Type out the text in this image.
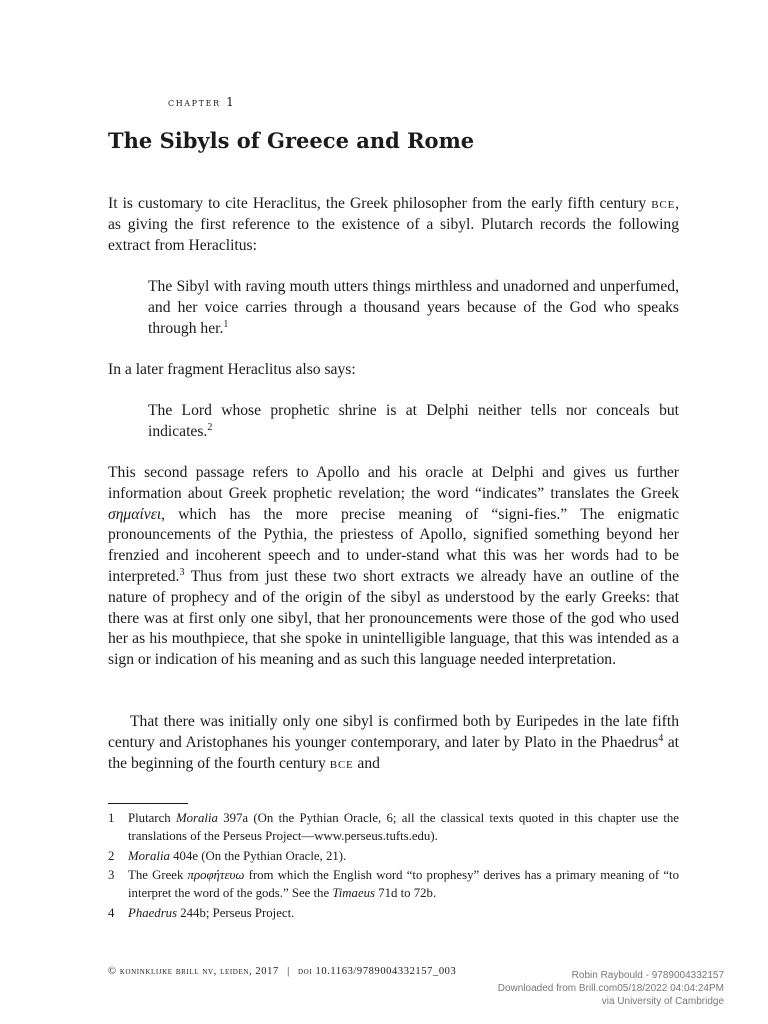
chapter 1
The Sibyls of Greece and Rome

It is customary to cite Heraclitus, the Greek philosopher from the early fifth century bce, as giving the first reference to the existence of a sibyl. Plutarch records the following extract from Heraclitus:

The Sibyl with raving mouth utters things mirthless and unadorned and unperfumed, and her voice carries through a thousand years because of the God who speaks through her.$^1$

In a later fragment Heraclitus also says:

The Lord whose prophetic shrine is at Delphi neither tells nor conceals but indicates.$^2$

This second passage refers to Apollo and his oracle at Delphi and gives us further information about Greek prophetic revelation; the word “indicates” translates the Greek σημαίνει, which has the more precise meaning of “signi-fies.” The enigmatic pronouncements of the Pythia, the priestess of Apollo, signified something beyond her frenzied and incoherent speech and to under-stand what this was her words had to be interpreted.$^3$ Thus from just these two short extracts we already have an outline of the nature of prophecy and of the origin of the sibyl as understood by the early Greeks: that there was at first only one sibyl, that her pronouncements were those of the god who used her as his mouthpiece, that she spoke in unintelligible language, that this was intended as a sign or indication of his meaning and as such this language needed interpretation.

That there was initially only one sibyl is confirmed both by Euripedes in the late fifth century and Aristophanes his younger contemporary, and later by Plato in the Phaedrus$^4$ at the beginning of the fourth century bce and

1	Plutarch Moralia 397a (On the Pythian Oracle, 6; all the classical texts quoted in this chapter use the translations of the Perseus Project—www.perseus.tufts.edu).
2	Moralia 404e (On the Pythian Oracle, 21).
3	The Greek προφήτευω from which the English word “to prophesy” derives has a primary meaning of “to interpret the word of the gods.” See the Timaeus 71d to 72b.
4	Phaedrus 244b; Perseus Project.
© koninklijke brill nv, leiden, 2017 | doi 10.1163/9789004332157_003	Robin Raybould - 9789004332157
Downloaded from Brill.com05/18/2022 04:04:24PM
via University of Cambridge
